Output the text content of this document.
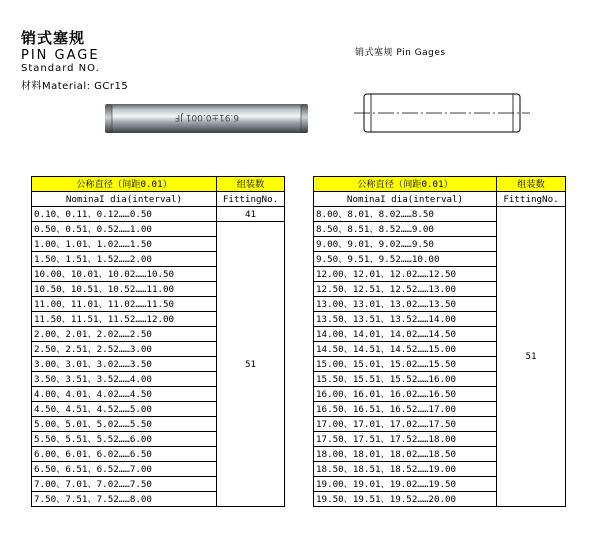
销式塞规
PIN GAGE
Standard NO.
材料Material: GCr15
销式塞规 Pin Gages
6.91±0.001 JF
公称直径（间距0.01）	组装数
NominaI dia(interval)	FittingNo.
0.10、0.11、0.12……0.50	41
0.50、0.51、0.52……1.00	51
1.00、1.01、1.02……1.50	
1.50、1.51、1.52……2.00	
10.00、10.01、10.02……10.50	
10.50、10.51、10.52……11.00	
11.00、11.01、11.02……11.50	
11.50、11.51、11.52……12.00	
2.00、2.01、2.02……2.50	
2.50、2.51、2.52……3.00	
3.00、3.01、3.02……3.50	
3.50、3.51、3.52……4.00	
4.00、4.01、4.02……4.50	
4.50、4.51、4.52……5.00	
5.00、5.01、5.02……5.50	
5.50、5.51、5.52……6.00	
6.00、6.01、6.02……6.50	
6.50、6.51、6.52……7.00	
7.00、7.01、7.02……7.50	
7.50、7.51、7.52……8.00	
公称直径（间距0.01）	组装数
NominaI dia(interval)	FittingNo.
8.00、8.01、8.02……8.50	51
8.50、8.51、8.52……9.00	
9.00、9.01、9.02……9.50	
9.50、9.51、9.52……10.00	
12.00、12.01、12.02……12.50	
12.50、12.51、12.52……13.00	
13.00、13.01、13.02……13.50	
13.50、13.51、13.52……14.00	
14.00、14.01、14.02……14.50	
14.50、14.51、14.52……15.00	
15.00、15.01、15.02……15.50	
15.50、15.51、15.52……16.00	
16.00、16.01、16.02……16.50	
16.50、16.51、16.52……17.00	
17.00、17.01、17.02……17.50	
17.50、17.51、17.52……18.00	
18.00、18.01、18.02……18.50	
18.50、18.51、18.52……19.00	
19.00、19.01、19.02……19.50	
19.50、19.51、19.52……20.00	
